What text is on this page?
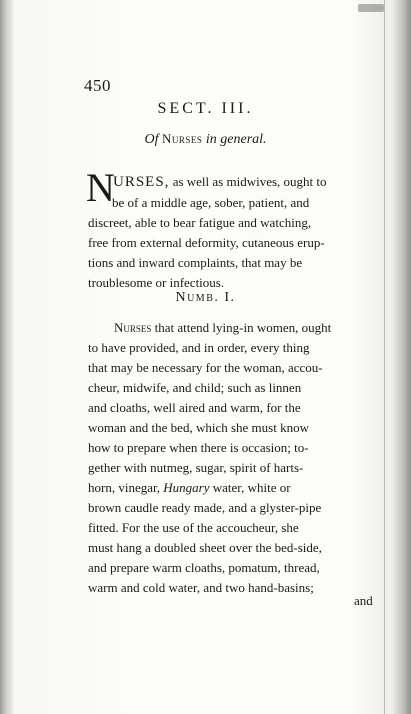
450
SECT. III.
Of Nurses in general.
N
URSES, as well as midwives, ought to
be of a middle age, sober, patient, and
discreet, able to bear fatigue and watching,
free from external deformity, cutaneous erup-
tions and inward complaints, that may be
troublesome or infectious.
Numb. I.
Nurses that attend lying-in women, ought
to have provided, and in order, every thing
that may be necessary for the woman, accou-
cheur, midwife, and child; such as linnen
and cloaths, well aired and warm, for the
woman and the bed, which she must know
how to prepare when there is occasion; to-
gether with nutmeg, sugar, spirit of harts-
horn, vinegar, Hungary water, white or
brown caudle ready made, and a glyster-pipe
fitted. For the use of the accoucheur, she
must hang a doubled sheet over the bed-side,
and prepare warm cloaths, pomatum, thread,
warm and cold water, and two hand-basins;
and
